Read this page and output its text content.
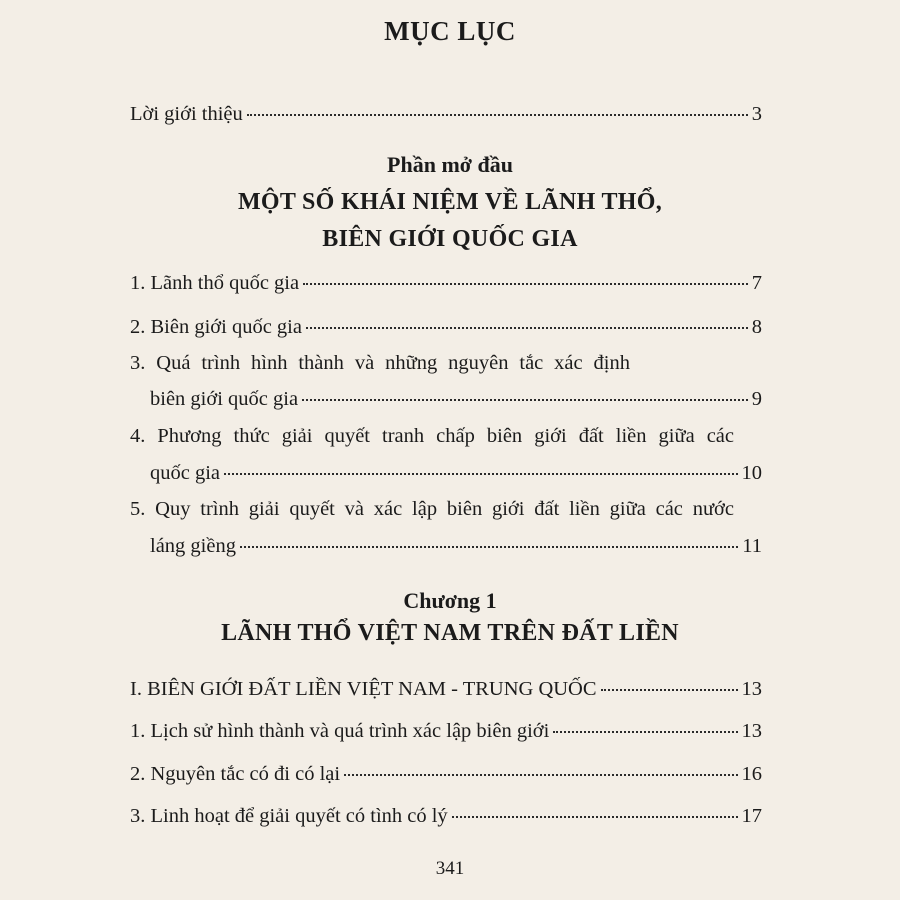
MỤC LỤC
Lời giới thiệu	3
Phần mở đầu
MỘT SỐ KHÁI NIỆM VỀ LÃNH THỔ,
BIÊN GIỚI QUỐC GIA
1. Lãnh thổ quốc gia	7
2. Biên giới quốc gia	8
3. Quá trình hình thành và những nguyên tắc xác định
biên giới quốc gia	9
4. Phương thức giải quyết tranh chấp biên giới đất liền giữa các
quốc gia	10
5. Quy trình giải quyết và xác lập biên giới đất liền giữa các nước
láng giềng	11
Chương 1
LÃNH THỔ VIỆT NAM TRÊN ĐẤT LIỀN
I. BIÊN GIỚI ĐẤT LIỀN VIỆT NAM - TRUNG QUỐC	13
1. Lịch sử hình thành và quá trình xác lập biên giới	13
2. Nguyên tắc có đi có lại	16
3. Linh hoạt để giải quyết có tình có lý	17
341
